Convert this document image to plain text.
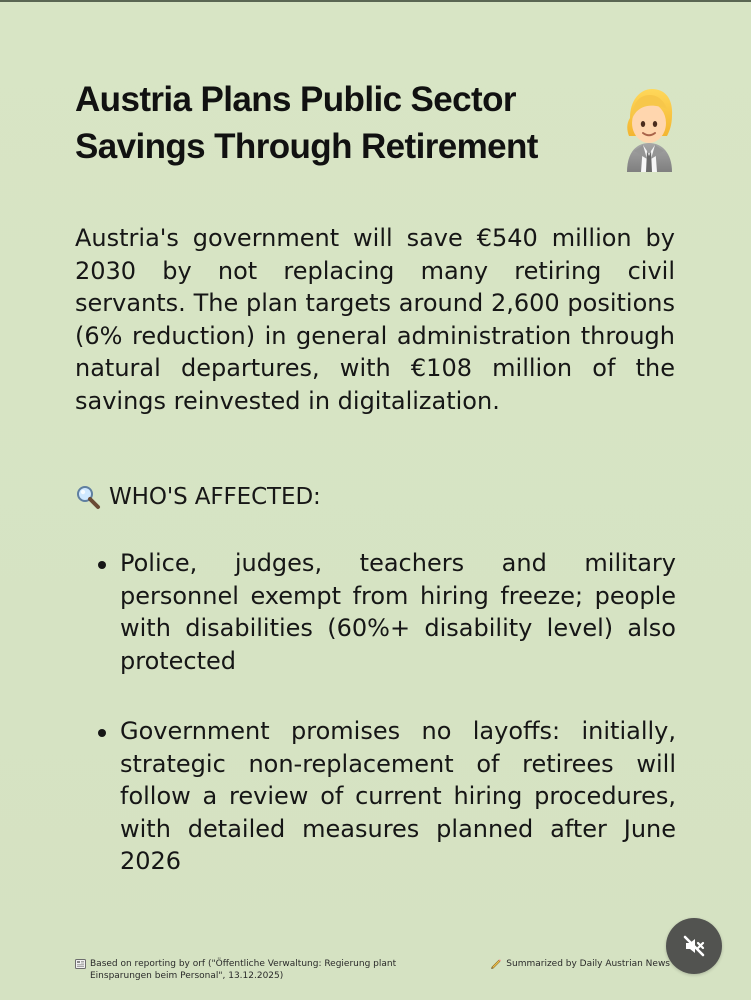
Austria Plans Public Sector Savings Through Retirement

Austria's government will save €540 million by 2030 by not replacing many retiring civil servants. The plan targets around 2,600 positions (6% reduction) in general administration through natural departures, with €108 million of the savings reinvested in digitalization.

WHO'S AFFECTED:
Police, judges, teachers and military personnel exempt from hiring freeze; people with disabilities (60%+ disability level) also protected
Government promises no layoffs: initially, strategic non-replacement of retirees will follow a review of current hiring procedures, with detailed measures planned after June 2026
Based on reporting by orf ("Öffentliche Verwaltung: Regierung plant Einsparungen beim Personal", 13.12.2025)
Summarized by Daily Austrian News
